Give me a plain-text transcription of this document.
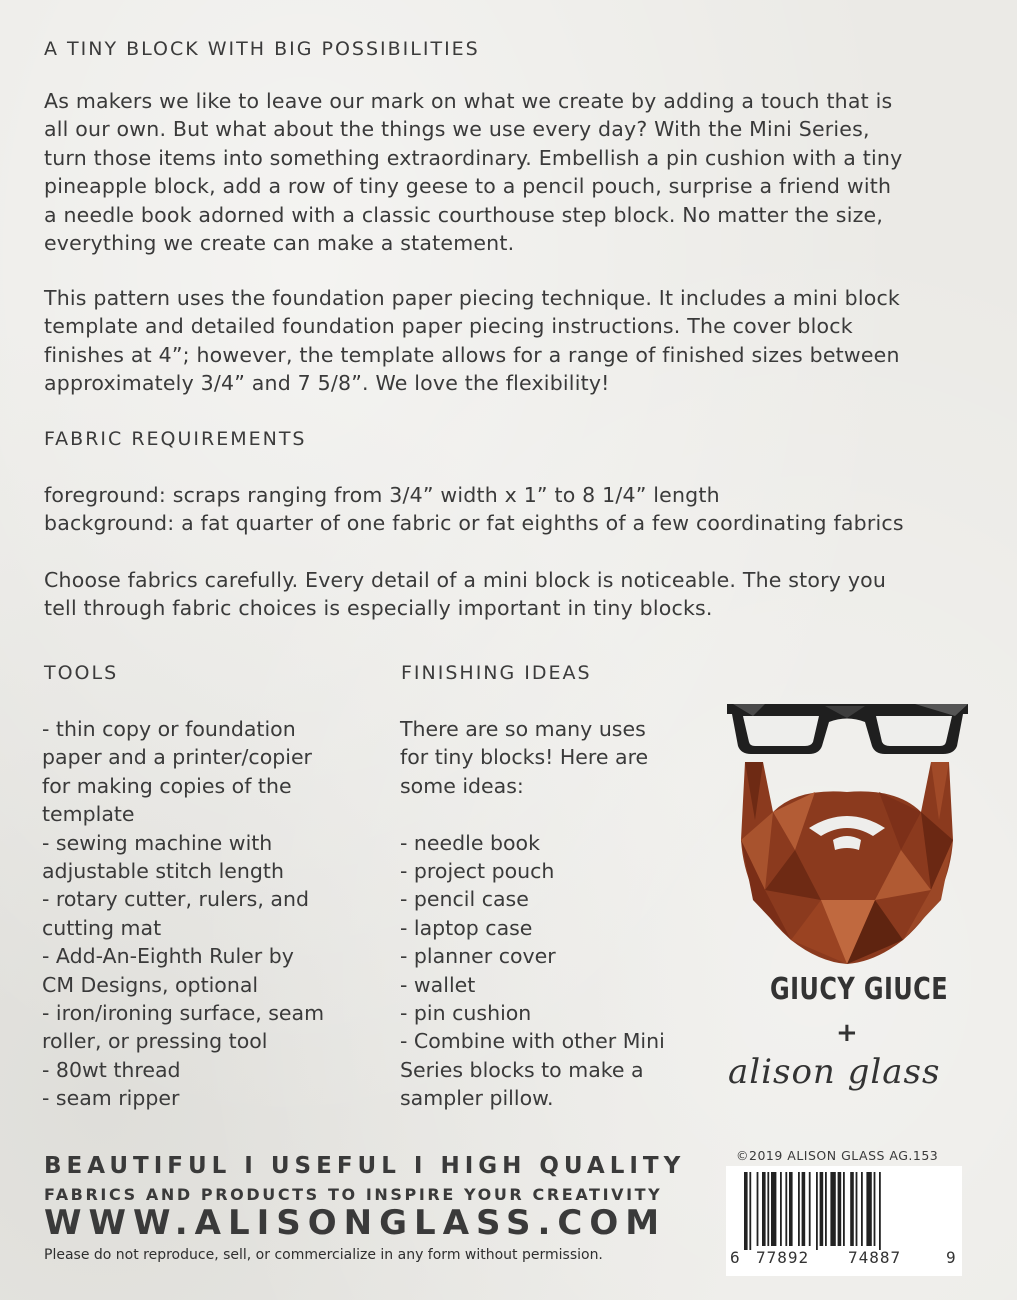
A TINY BLOCK WITH BIG POSSIBILITIES

As makers we like to leave our mark on what we create by adding a touch that is

all our own. But what about the things we use every day? With the Mini Series,

turn those items into something extraordinary. Embellish a pin cushion with a tiny

pineapple block, add a row of tiny geese to a pencil pouch, surprise a friend with

a needle book adorned with a classic courthouse step block. No matter the size,

everything we create can make a statement.

This pattern uses the foundation paper piecing technique. It includes a mini block

template and detailed foundation paper piecing instructions. The cover block

finishes at 4”; however, the template allows for a range of finished sizes between

approximately 3/4” and 7 5/8”. We love the flexibility!

FABRIC REQUIREMENTS

foreground: scraps ranging from 3/4” width x 1” to 8 1/4” length

background: a fat quarter of one fabric or fat eighths of a few coordinating fabrics

Choose fabrics carefully. Every detail of a mini block is noticeable. The story you

tell through fabric choices is especially important in tiny blocks.

TOOLS
- thin copy or foundation
paper and a printer/copier
for making copies of the
template
- sewing machine with
adjustable stitch length
- rotary cutter, rulers, and
cutting mat
- Add-An-Eighth Ruler by
CM Designs, optional
- iron/ironing surface, seam
roller, or pressing tool
- 80wt thread
- seam ripper
FINISHING IDEAS
There are so many uses
for tiny blocks! Here are
some ideas:
- needle book
- project pouch
- pencil case
- laptop case
- planner cover
- wallet
- pin cushion
- Combine with other Mini
Series blocks to make a
sampler pillow.
GIUCY GIUCE
+
alison glass
BEAUTIFUL I USEFUL I HIGH QUALITY
FABRICS AND PRODUCTS TO INSPIRE YOUR CREATIVITY
WWW.ALISONGLASS.COM
Please do not reproduce, sell, or commercialize in any form without permission.
©2019 ALISON GLASS AG.153
6 77892 74887	9
